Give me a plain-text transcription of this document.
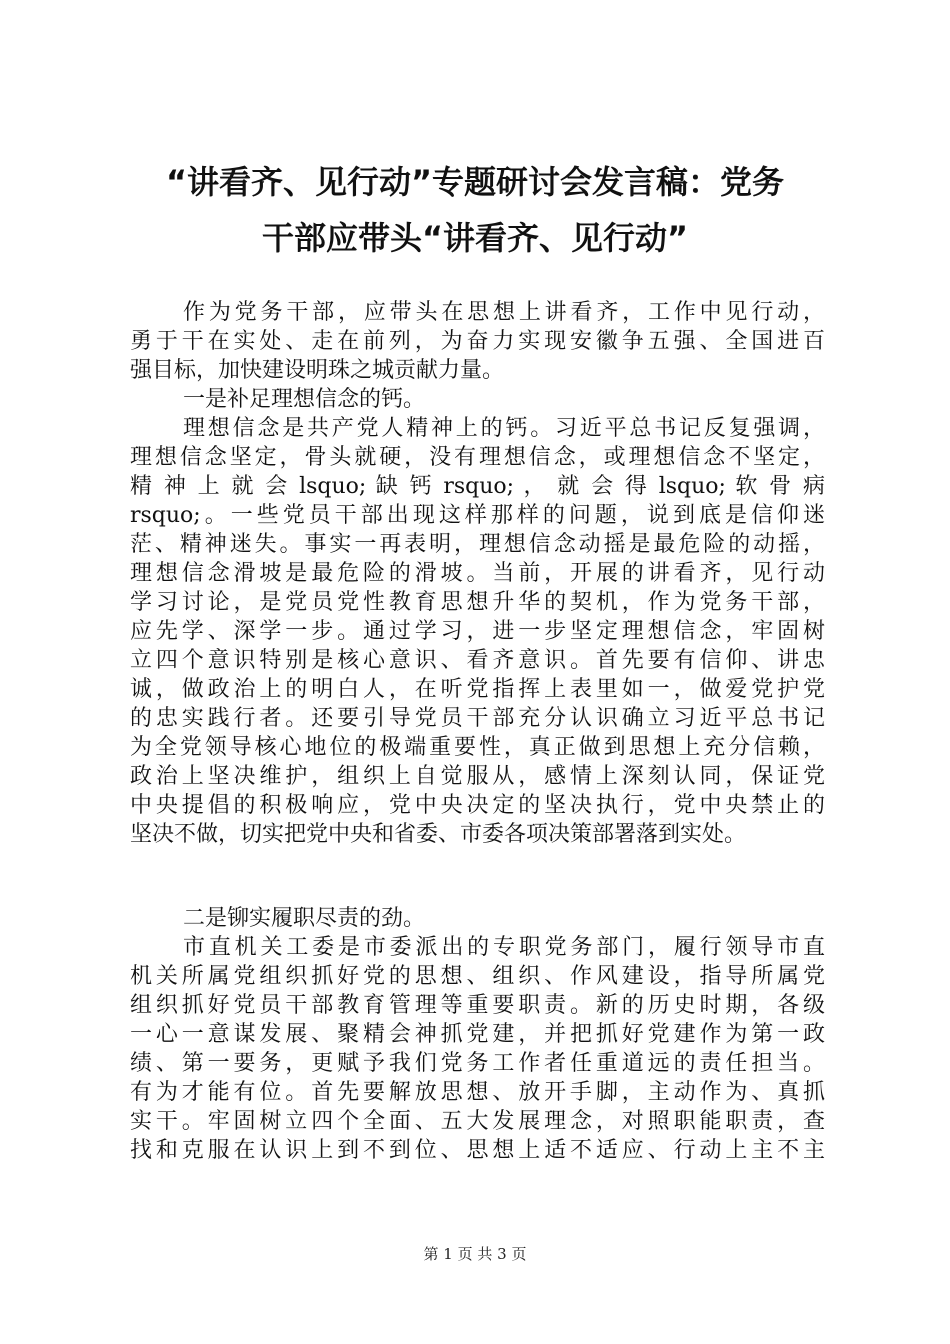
“讲看齐、见行动”专题研讨会发言稿：党务
干部应带头“讲看齐、见行动”
作为党务干部，应带头在思想上讲看齐，工作中见行动，
勇于干在实处、走在前列，为奋力实现安徽争五强、全国进百
强目标，加快建设明珠之城贡献力量。
一是补足理想信念的钙。
理想信念是共产党人精神上的钙。习近平总书记反复强调，
理想信念坚定，骨头就硬，没有理想信念，或理想信念不坚定，
精 神 上 就 会 lsquo; 缺 钙 rsquo; ， 就 会 得 lsquo; 软 骨 病
rsquo;。一些党员干部出现这样那样的问题，说到底是信仰迷
茫、精神迷失。事实一再表明，理想信念动摇是最危险的动摇，
理想信念滑坡是最危险的滑坡。当前，开展的讲看齐，见行动
学习讨论，是党员党性教育思想升华的契机，作为党务干部，
应先学、深学一步。通过学习，进一步坚定理想信念，牢固树
立四个意识特别是核心意识、看齐意识。首先要有信仰、讲忠
诚，做政治上的明白人，在听党指挥上表里如一，做爱党护党
的忠实践行者。还要引导党员干部充分认识确立习近平总书记
为全党领导核心地位的极端重要性，真正做到思想上充分信赖，
政治上坚决维护，组织上自觉服从，感情上深刻认同，保证党
中央提倡的积极响应，党中央决定的坚决执行，党中央禁止的
坚决不做，切实把党中央和省委、市委各项决策部署落到实处。
二是铆实履职尽责的劲。
市直机关工委是市委派出的专职党务部门，履行领导市直
机关所属党组织抓好党的思想、组织、作风建设，指导所属党
组织抓好党员干部教育管理等重要职责。新的历史时期，各级
一心一意谋发展、聚精会神抓党建，并把抓好党建作为第一政
绩、第一要务，更赋予我们党务工作者任重道远的责任担当。
有为才能有位。首先要解放思想、放开手脚，主动作为、真抓
实干。牢固树立四个全面、五大发展理念，对照职能职责，查
找和克服在认识上到不到位、思想上适不适应、行动上主不主
第 1 页 共 3 页
